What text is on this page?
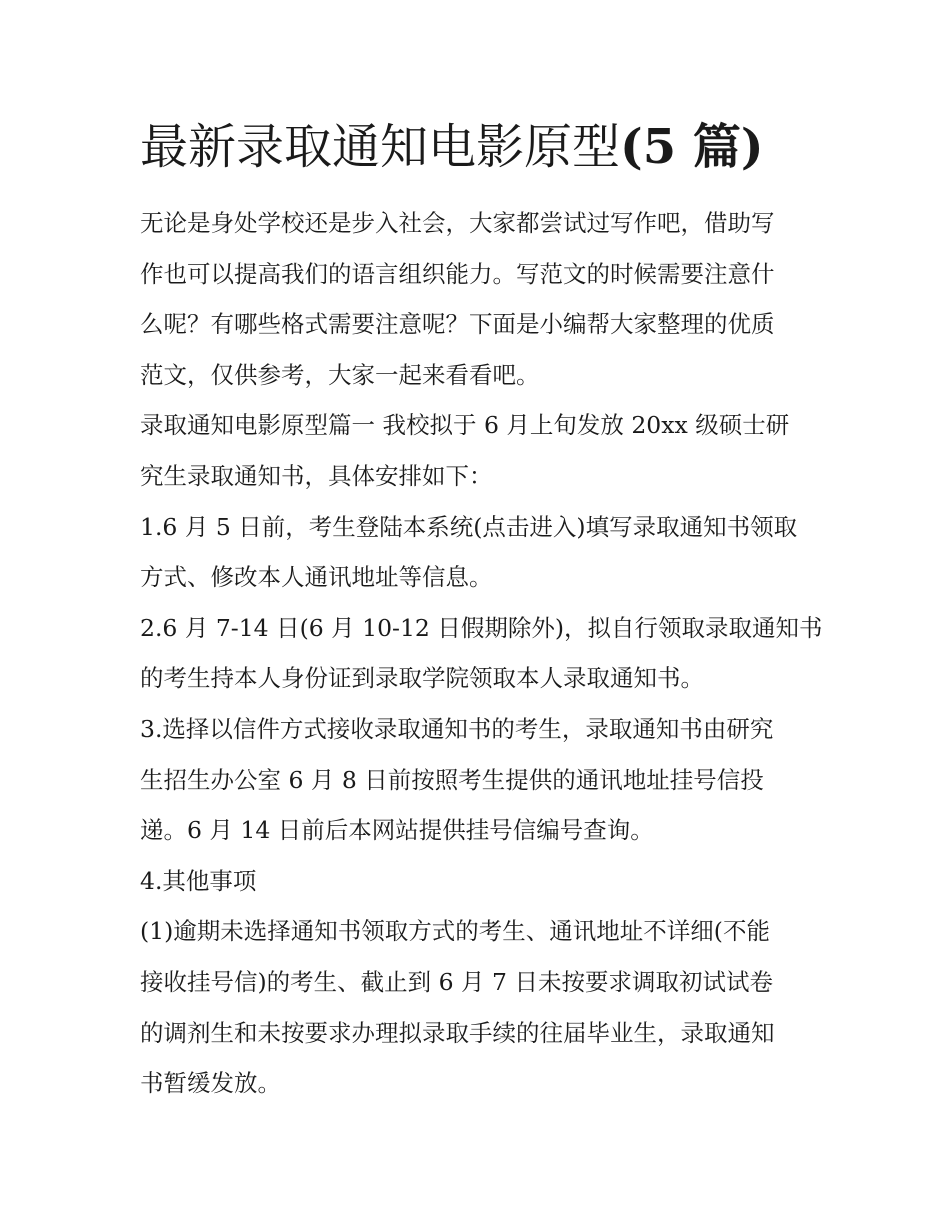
最新录取通知电影原型(5 篇)

无论是身处学校还是步入社会，大家都尝试过写作吧，借助写
作也可以提高我们的语言组织能力。写范文的时候需要注意什
么呢？有哪些格式需要注意呢？下面是小编帮大家整理的优质
范文，仅供参考，大家一起来看看吧。

录取通知电影原型篇一 我校拟于 6 月上旬发放 20xx 级硕士研
究生录取通知书，具体安排如下：

1.6 月 5 日前，考生登陆本系统(点击进入)填写录取通知书领取
方式、修改本人通讯地址等信息。

2.6 月 7-14 日(6 月 10-12 日假期除外)，拟自行领取录取通知书
的考生持本人身份证到录取学院领取本人录取通知书。

3.选择以信件方式接收录取通知书的考生，录取通知书由研究
生招生办公室 6 月 8 日前按照考生提供的通讯地址挂号信投
递。6 月 14 日前后本网站提供挂号信编号查询。

4.其他事项

(1)逾期未选择通知书领取方式的考生、通讯地址不详细(不能
接收挂号信)的考生、截止到 6 月 7 日未按要求调取初试试卷
的调剂生和未按要求办理拟录取手续的往届毕业生，录取通知
书暂缓发放。
